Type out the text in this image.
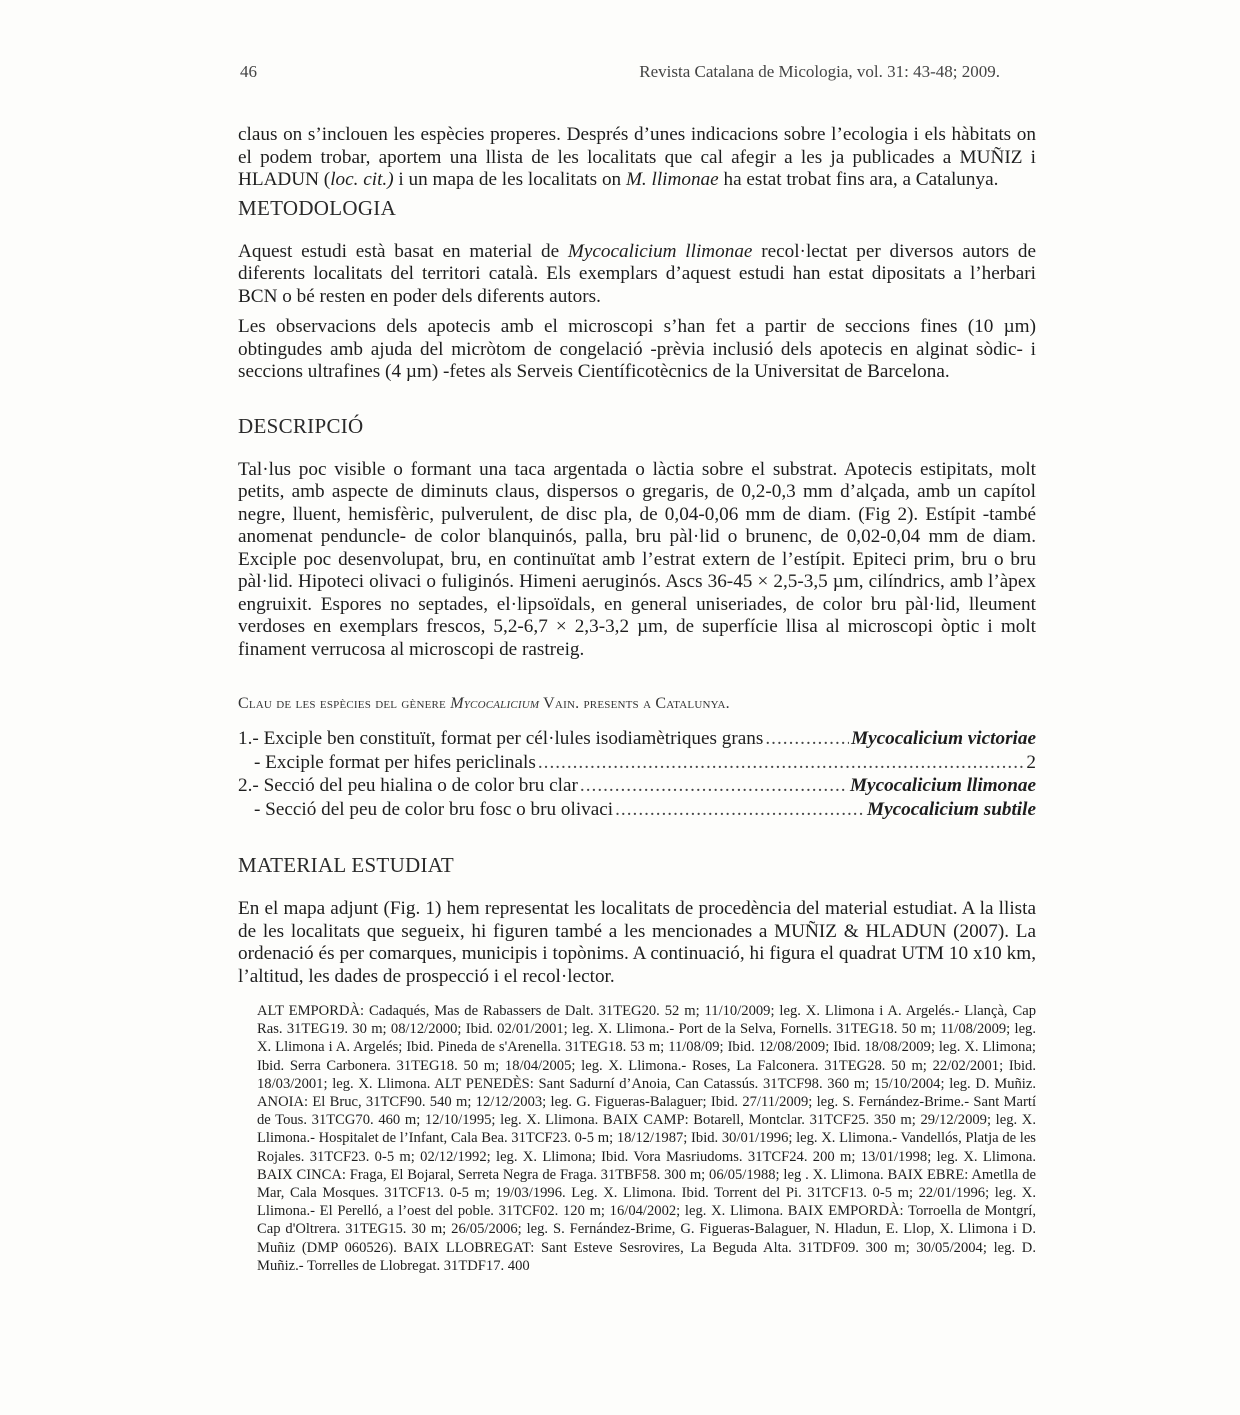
46	Revista Catalana de Micologia, vol. 31: 43-48; 2009.

claus on s’inclouen les espècies properes. Després d’unes indicacions sobre l’ecologia i els hàbitats on el podem trobar, aportem una llista de les localitats que cal afegir a les ja publicades a MUÑIZ i HLADUN (loc. cit.) i un mapa de les localitats on M. llimonae ha estat trobat fins ara, a Catalunya.

METODOLOGIA

Aquest estudi està basat en material de Mycocalicium llimonae recol·lectat per diversos autors de diferents localitats del territori català. Els exemplars d’aquest estudi han estat dipositats a l’herbari BCN o bé resten en poder dels diferents autors.

Les observacions dels apotecis amb el microscopi s’han fet a partir de seccions fines (10 µm) obtingudes amb ajuda del micròtom de congelació -prèvia inclusió dels apotecis en alginat sòdic- i seccions ultrafines (4 µm) -fetes als Serveis Científicotècnics de la Universitat de Barcelona.

DESCRIPCIÓ

Tal·lus poc visible o formant una taca argentada o làctia sobre el substrat. Apotecis estipitats, molt petits, amb aspecte de diminuts claus, dispersos o gregaris, de 0,2-0,3 mm d’alçada, amb un capítol negre, lluent, hemisfèric, pulverulent, de disc pla, de 0,04-0,06 mm de diam. (Fig 2). Estípit -també anomenat penduncle- de color blanquinós, palla, bru pàl·lid o brunenc, de 0,02-0,04 mm de diam. Exciple poc desenvolupat, bru, en continuïtat amb l’estrat extern de l’estípit. Epiteci prim, bru o bru pàl·lid. Hipoteci olivaci o fuliginós. Himeni aeruginós. Ascs 36-45 × 2,5-3,5 µm, cilíndrics, amb l’àpex engruixit. Espores no septades, el·lipsoïdals, en general uniseriades, de color bru pàl·lid, lleument verdoses en exemplars frescos, 5,2-6,7 × 2,3-3,2 µm, de superfície llisa al microscopi òptic i molt finament verrucosa al microscopi de rastreig.

Clau de les espècies del gènere Mycocalicium Vain. presents a Catalunya.
1.- Exciple ben constituït, format per cél·lules isodiamètriques grans .....	Mycocalicium victoriae
- Exciple format per hifes periclinals .....	2
2.- Secció del peu hialina o de color bru clar .....	Mycocalicium llimonae
- Secció del peu de color bru fosc o bru olivaci .....	Mycocalicium subtile
MATERIAL ESTUDIAT

En el mapa adjunt (Fig. 1) hem representat les localitats de procedència del material estudiat. A la llista de les localitats que segueix, hi figuren també a les mencionades a MUÑIZ & HLADUN (2007). La ordenació és per comarques, municipis i topònims. A continuació, hi figura el quadrat UTM 10 x10 km, l’altitud, les dades de prospecció i el recol·lector.

ALT EMPORDÀ: Cadaqués, Mas de Rabassers de Dalt. 31TEG20. 52 m; 11/10/2009; leg. X. Llimona i A. Argelés.- Llançà, Cap Ras. 31TEG19. 30 m; 08/12/2000; Ibid. 02/01/2001; leg. X. Llimona.- Port de la Selva, Fornells. 31TEG18. 50 m; 11/08/2009; leg. X. Llimona i A. Argelés; Ibid. Pineda de s'Arenella. 31TEG18. 53 m; 11/08/09; Ibid. 12/08/2009; Ibid. 18/08/2009; leg. X. Llimona; Ibid. Serra Carbonera. 31TEG18. 50 m; 18/04/2005; leg. X. Llimona.- Roses, La Falconera. 31TEG28. 50 m; 22/02/2001; Ibid. 18/03/2001; leg. X. Llimona. ALT PENEDÈS: Sant Sadurní d’Anoia, Can Catassús. 31TCF98. 360 m; 15/10/2004; leg. D. Muñiz. ANOIA: El Bruc, 31TCF90. 540 m; 12/12/2003; leg. G. Figueras-Balaguer; Ibid. 27/11/2009; leg. S. Fernández-Brime.- Sant Martí de Tous. 31TCG70. 460 m; 12/10/1995; leg. X. Llimona. BAIX CAMP: Botarell, Montclar. 31TCF25. 350 m; 29/12/2009; leg. X. Llimona.- Hospitalet de l’Infant, Cala Bea. 31TCF23. 0-5 m; 18/12/1987; Ibid. 30/01/1996; leg. X. Llimona.- Vandellós, Platja de les Rojales. 31TCF23. 0-5 m; 02/12/1992; leg. X. Llimona; Ibid. Vora Masriudoms. 31TCF24. 200 m; 13/01/1998; leg. X. Llimona. BAIX CINCA: Fraga, El Bojaral, Serreta Negra de Fraga. 31TBF58. 300 m; 06/05/1988; leg . X. Llimona. BAIX EBRE: Ametlla de Mar, Cala Mosques. 31TCF13. 0-5 m; 19/03/1996. Leg. X. Llimona. Ibid. Torrent del Pi. 31TCF13. 0-5 m; 22/01/1996; leg. X. Llimona.- El Perelló, a l’oest del poble. 31TCF02. 120 m; 16/04/2002; leg. X. Llimona. BAIX EMPORDÀ: Torroella de Montgrí, Cap d'Oltrera. 31TEG15. 30 m; 26/05/2006; leg. S. Fernández-Brime, G. Figueras-Balaguer, N. Hladun, E. Llop, X. Llimona i D. Muñiz (DMP 060526). BAIX LLOBREGAT: Sant Esteve Sesrovires, La Beguda Alta. 31TDF09. 300 m; 30/05/2004; leg. D. Muñiz.- Torrelles de Llobregat. 31TDF17. 400
